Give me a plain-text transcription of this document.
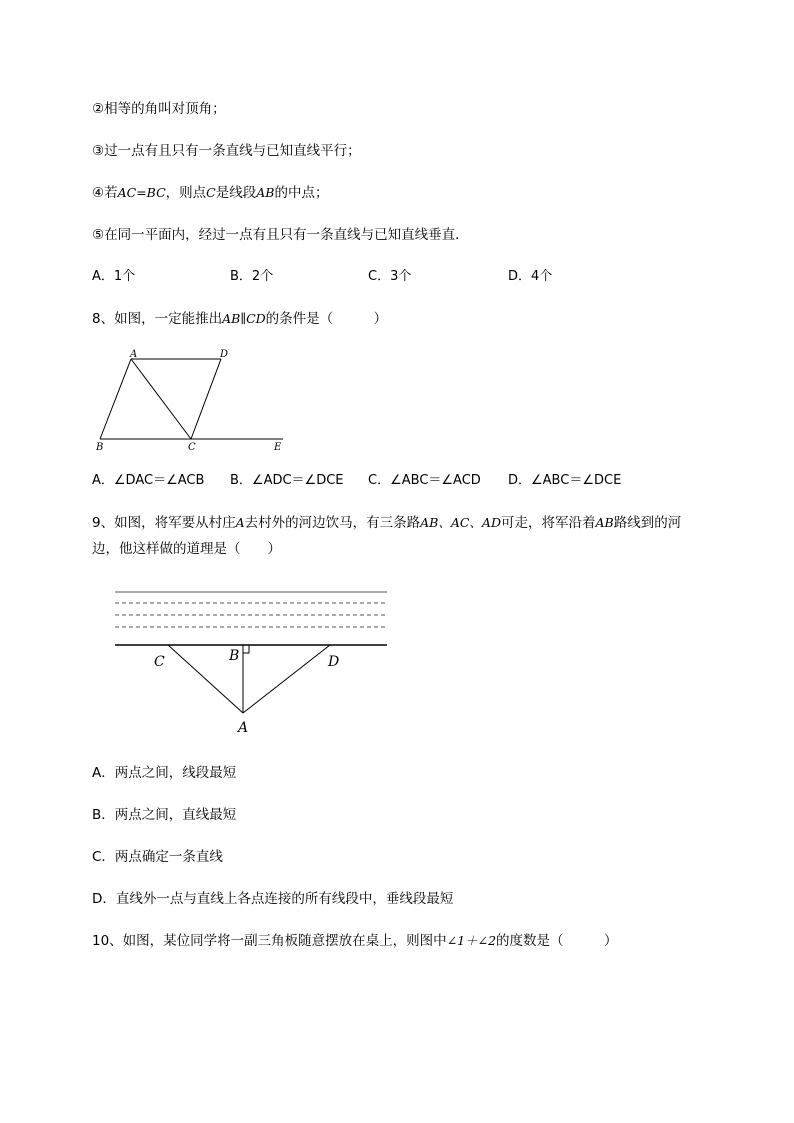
②相等的角叫对顶角；
③过一点有且只有一条直线与已知直线平行；
④若AC=BC，则点C是线段AB的中点；
⑤在同一平面内，经过一点有且只有一条直线与已知直线垂直．
A．1个	B．2个	C．3个	D．4个
8、如图，一定能推出AB∥CD的条件是（　　　）
A	D
B	C	E
A．∠DAC＝∠ACB B．∠ADC＝∠DCE C．∠ABC＝∠ACD D．∠ABC＝∠DCE
9、如图，将军要从村庄A去村外的河边饮马，有三条路AB、AC、AD可走，将军沿着AB路线到的河
边，他这样做的道理是（　　）
C	B	D
A
A．两点之间，线段最短
B．两点之间，直线最短
C．两点确定一条直线
D．直线外一点与直线上各点连接的所有线段中，垂线段最短
10、如图，某位同学将一副三角板随意摆放在桌上，则图中∠1＋∠2的度数是（　　　）
